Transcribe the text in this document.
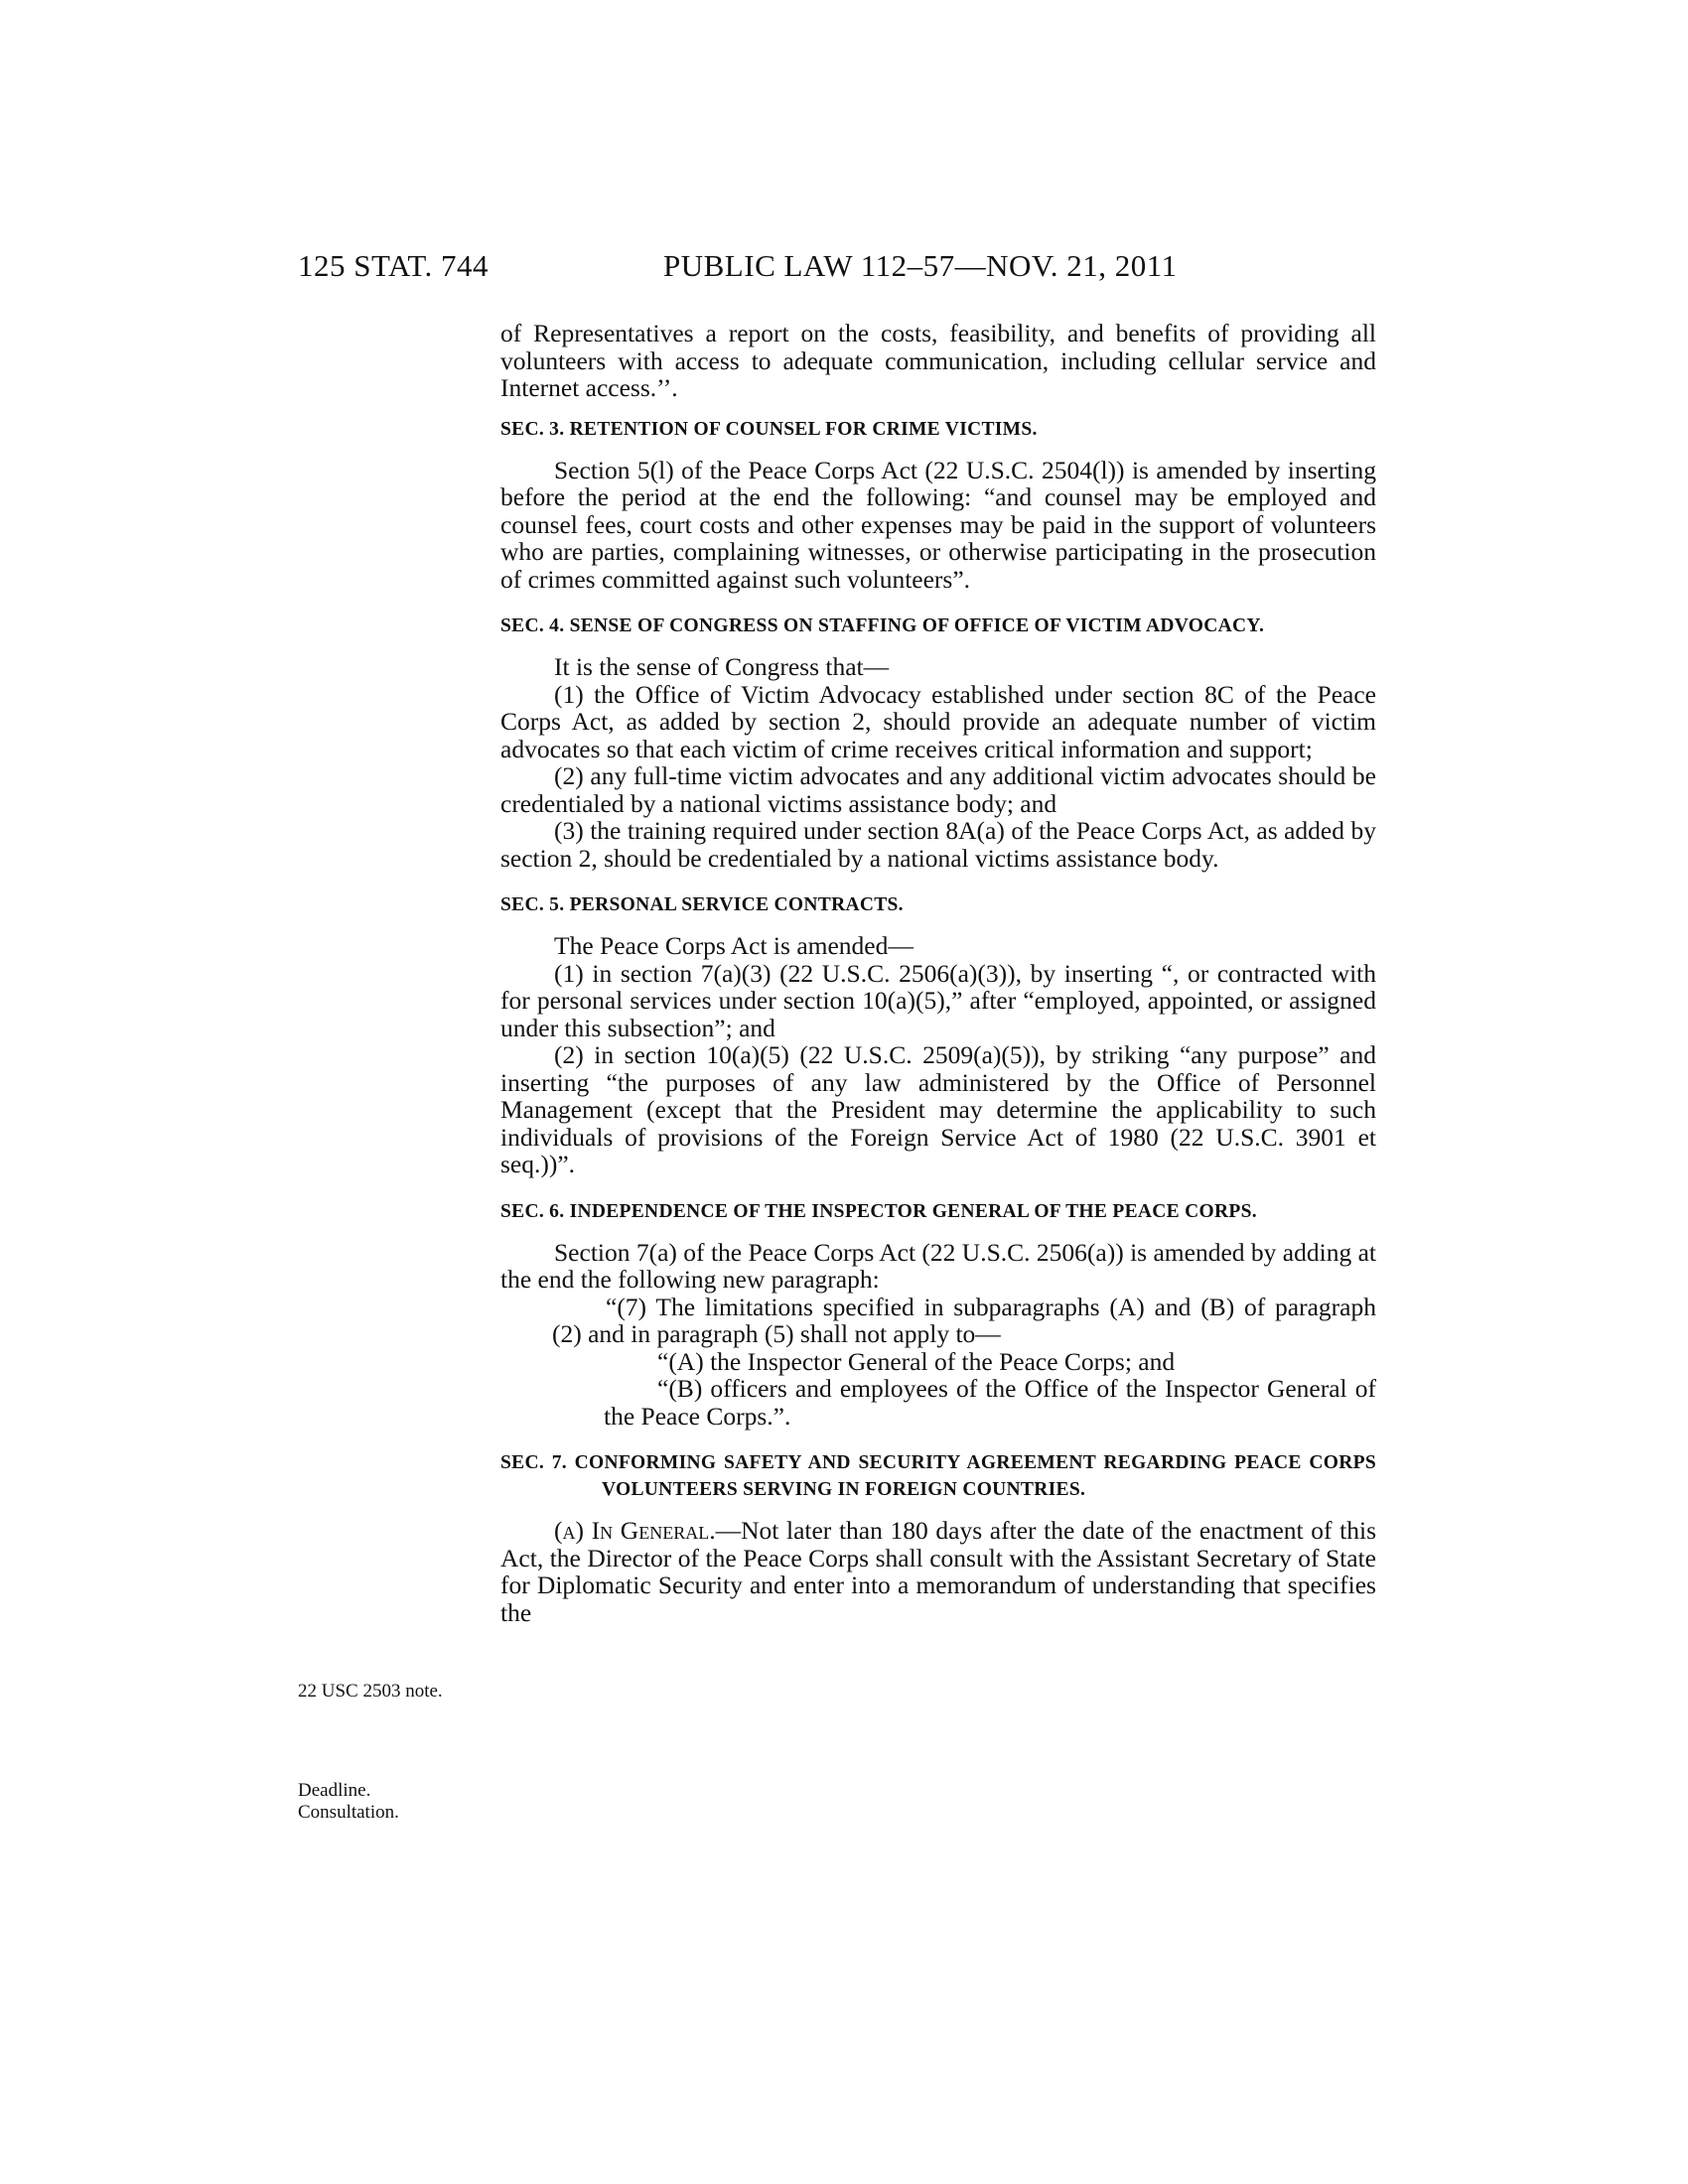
125 STAT. 744	PUBLIC LAW 112–57—NOV. 21, 2011
22 USC 2503 note.
Deadline.
Consultation.

of Representatives a report on the costs, feasibility, and benefits of providing all volunteers with access to adequate communication, including cellular service and Internet access.’’.

SEC. 3. RETENTION OF COUNSEL FOR CRIME VICTIMS.

Section 5(l) of the Peace Corps Act (22 U.S.C. 2504(l)) is amended by inserting before the period at the end the following: “and counsel may be employed and counsel fees, court costs and other expenses may be paid in the support of volunteers who are parties, complaining witnesses, or otherwise participating in the prosecution of crimes committed against such volunteers”.

SEC. 4. SENSE OF CONGRESS ON STAFFING OF OFFICE OF VICTIM ADVOCACY.

It is the sense of Congress that—

(1) the Office of Victim Advocacy established under section 8C of the Peace Corps Act, as added by section 2, should provide an adequate number of victim advocates so that each victim of crime receives critical information and support;

(2) any full-time victim advocates and any additional victim advocates should be credentialed by a national victims assistance body; and

(3) the training required under section 8A(a) of the Peace Corps Act, as added by section 2, should be credentialed by a national victims assistance body.

SEC. 5. PERSONAL SERVICE CONTRACTS.

The Peace Corps Act is amended—

(1) in section 7(a)(3) (22 U.S.C. 2506(a)(3)), by inserting “, or contracted with for personal services under section 10(a)(5),” after “employed, appointed, or assigned under this subsection”; and

(2) in section 10(a)(5) (22 U.S.C. 2509(a)(5)), by striking “any purpose” and inserting “the purposes of any law administered by the Office of Personnel Management (except that the President may determine the applicability to such individuals of provisions of the Foreign Service Act of 1980 (22 U.S.C. 3901 et seq.))”.

SEC. 6. INDEPENDENCE OF THE INSPECTOR GENERAL OF THE PEACE CORPS.

Section 7(a) of the Peace Corps Act (22 U.S.C. 2506(a)) is amended by adding at the end the following new paragraph:

“(7) The limitations specified in subparagraphs (A) and (B) of paragraph (2) and in paragraph (5) shall not apply to—

“(A) the Inspector General of the Peace Corps; and

“(B) officers and employees of the Office of the Inspector General of the Peace Corps.”.

SEC. 7. CONFORMING SAFETY AND SECURITY AGREEMENT REGARDING PEACE CORPS VOLUNTEERS SERVING IN FOREIGN COUNTRIES.

(a) In General.—Not later than 180 days after the date of the enactment of this Act, the Director of the Peace Corps shall consult with the Assistant Secretary of State for Diplomatic Security and enter into a memorandum of understanding that specifies the
